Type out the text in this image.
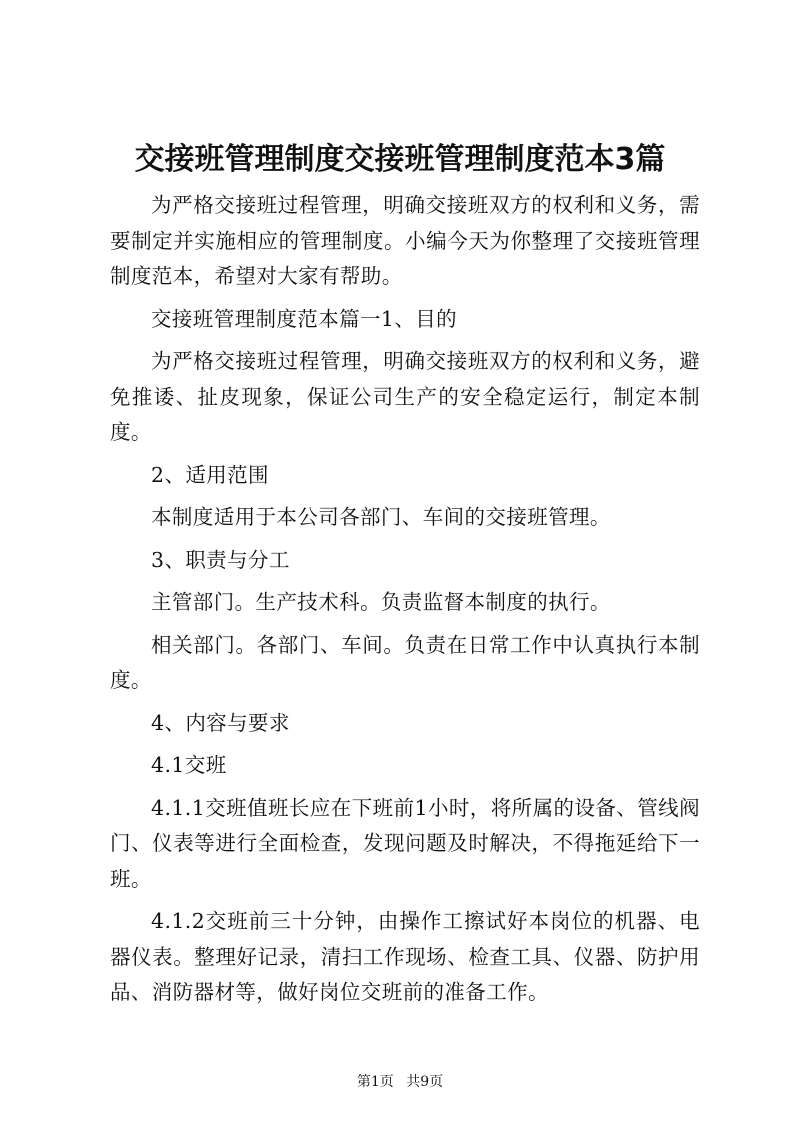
交接班管理制度交接班管理制度范本3篇

为严格交接班过程管理，明确交接班双方的权利和义务，需要制定并实施相应的管理制度。小编今天为你整理了交接班管理制度范本，希望对大家有帮助。

交接班管理制度范本篇一1、目的

为严格交接班过程管理，明确交接班双方的权利和义务，避免推诿、扯皮现象，保证公司生产的安全稳定运行，制定本制度。

2、适用范围

本制度适用于本公司各部门、车间的交接班管理。

3、职责与分工

主管部门。生产技术科。负责监督本制度的执行。

相关部门。各部门、车间。负责在日常工作中认真执行本制度。

4、内容与要求

4.1交班

4.1.1交班值班长应在下班前1小时，将所属的设备、管线阀门、仪表等进行全面检查，发现问题及时解决，不得拖延给下一班。

4.1.2交班前三十分钟，由操作工擦试好本岗位的机器、电器仪表。整理好记录，清扫工作现场、检查工具、仪器、防护用品、消防器材等，做好岗位交班前的准备工作。

第1页 共9页
